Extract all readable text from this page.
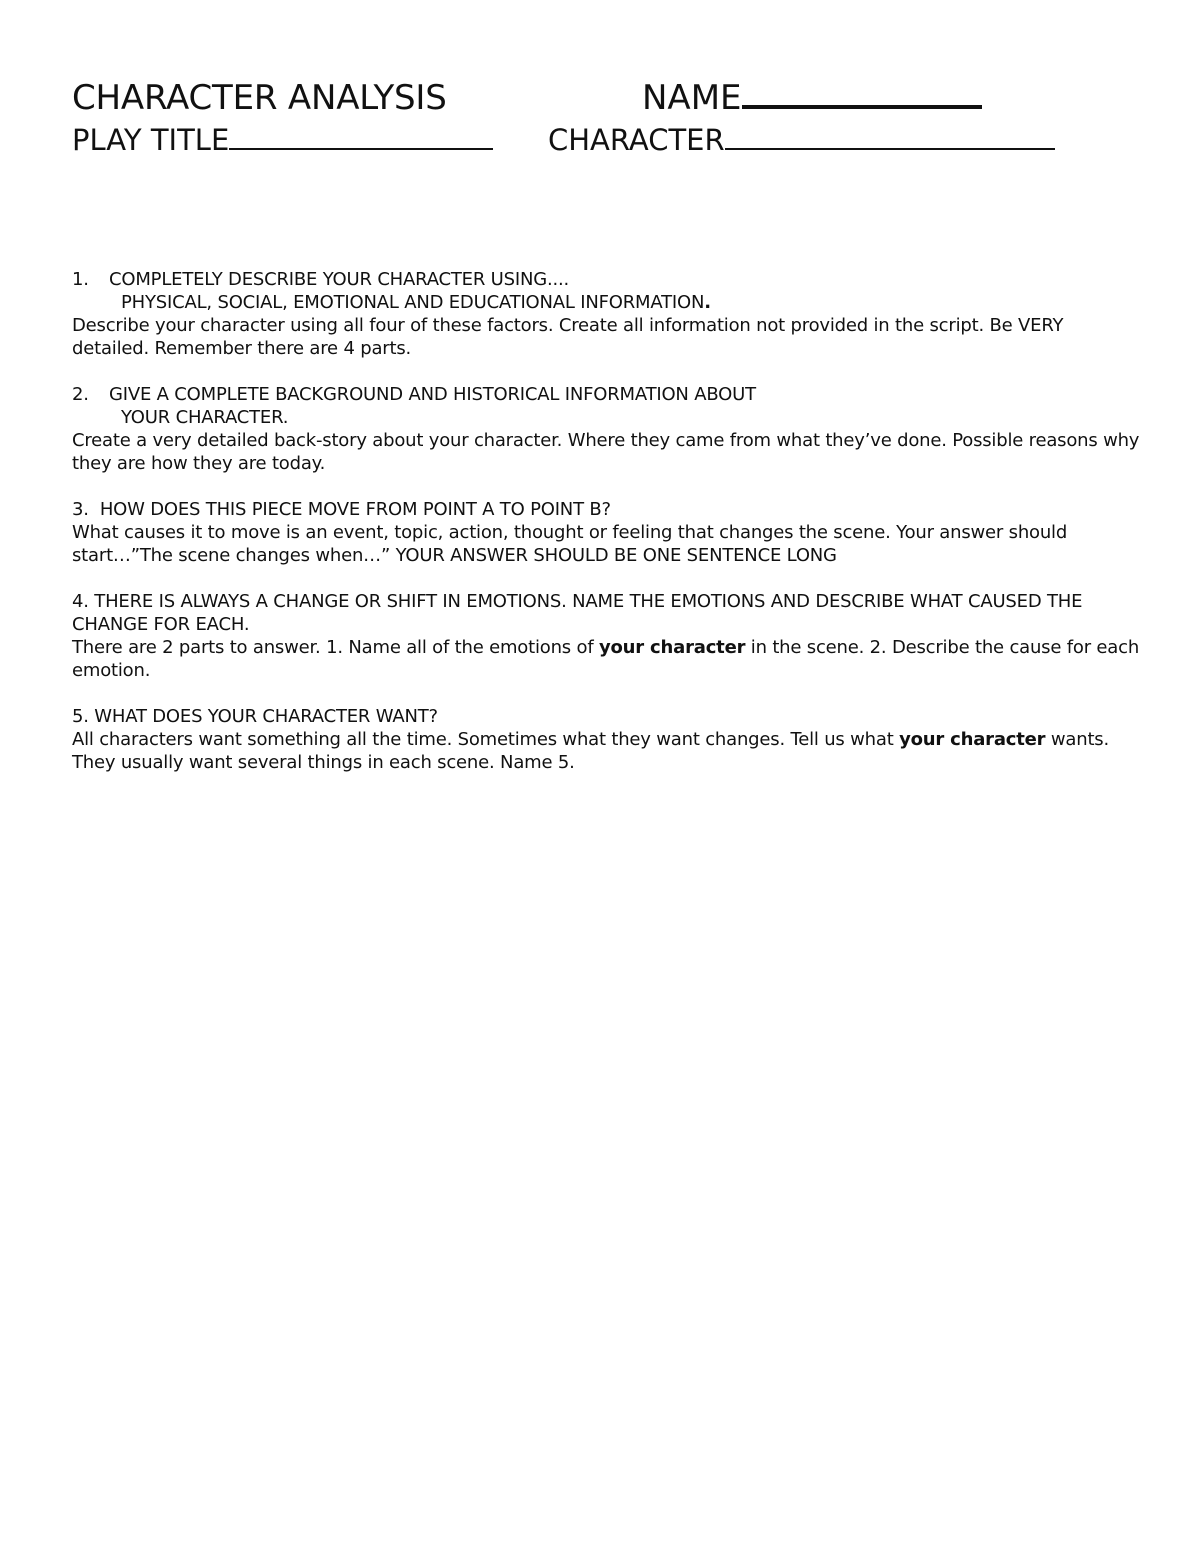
CHARACTER ANALYSIS	NAME
PLAY TITLE	CHARACTER

1. COMPLETELY DESCRIBE YOUR CHARACTER USING....

PHYSICAL, SOCIAL, EMOTIONAL AND EDUCATIONAL INFORMATION .

Describe your character using all four of these factors. Create all information not provided in the script. Be VERY detailed. Remember there are 4 parts.

2. GIVE A COMPLETE BACKGROUND AND HISTORICAL INFORMATION ABOUT

YOUR CHARACTER.

Create a very detailed back-story about your character. Where they came from what they’ve done. Possible reasons why they are how they are today.

3.  HOW DOES THIS PIECE MOVE FROM POINT A TO POINT B?

What causes it to move is an event, topic, action, thought or feeling that changes the scene. Your answer should start…”The scene changes when…” YOUR ANSWER SHOULD BE ONE SENTENCE LONG

4. THERE IS ALWAYS A CHANGE OR SHIFT IN EMOTIONS. NAME THE EMOTIONS AND DESCRIBE WHAT CAUSED THE CHANGE FOR EACH.

There are 2 parts to answer. 1. Name all of the emotions of your character in the scene. 2. Describe the cause for each emotion.

5. WHAT DOES YOUR CHARACTER WANT?

All characters want something all the time. Sometimes what they want changes. Tell us what your character wants.

They usually want several things in each scene. Name 5.
